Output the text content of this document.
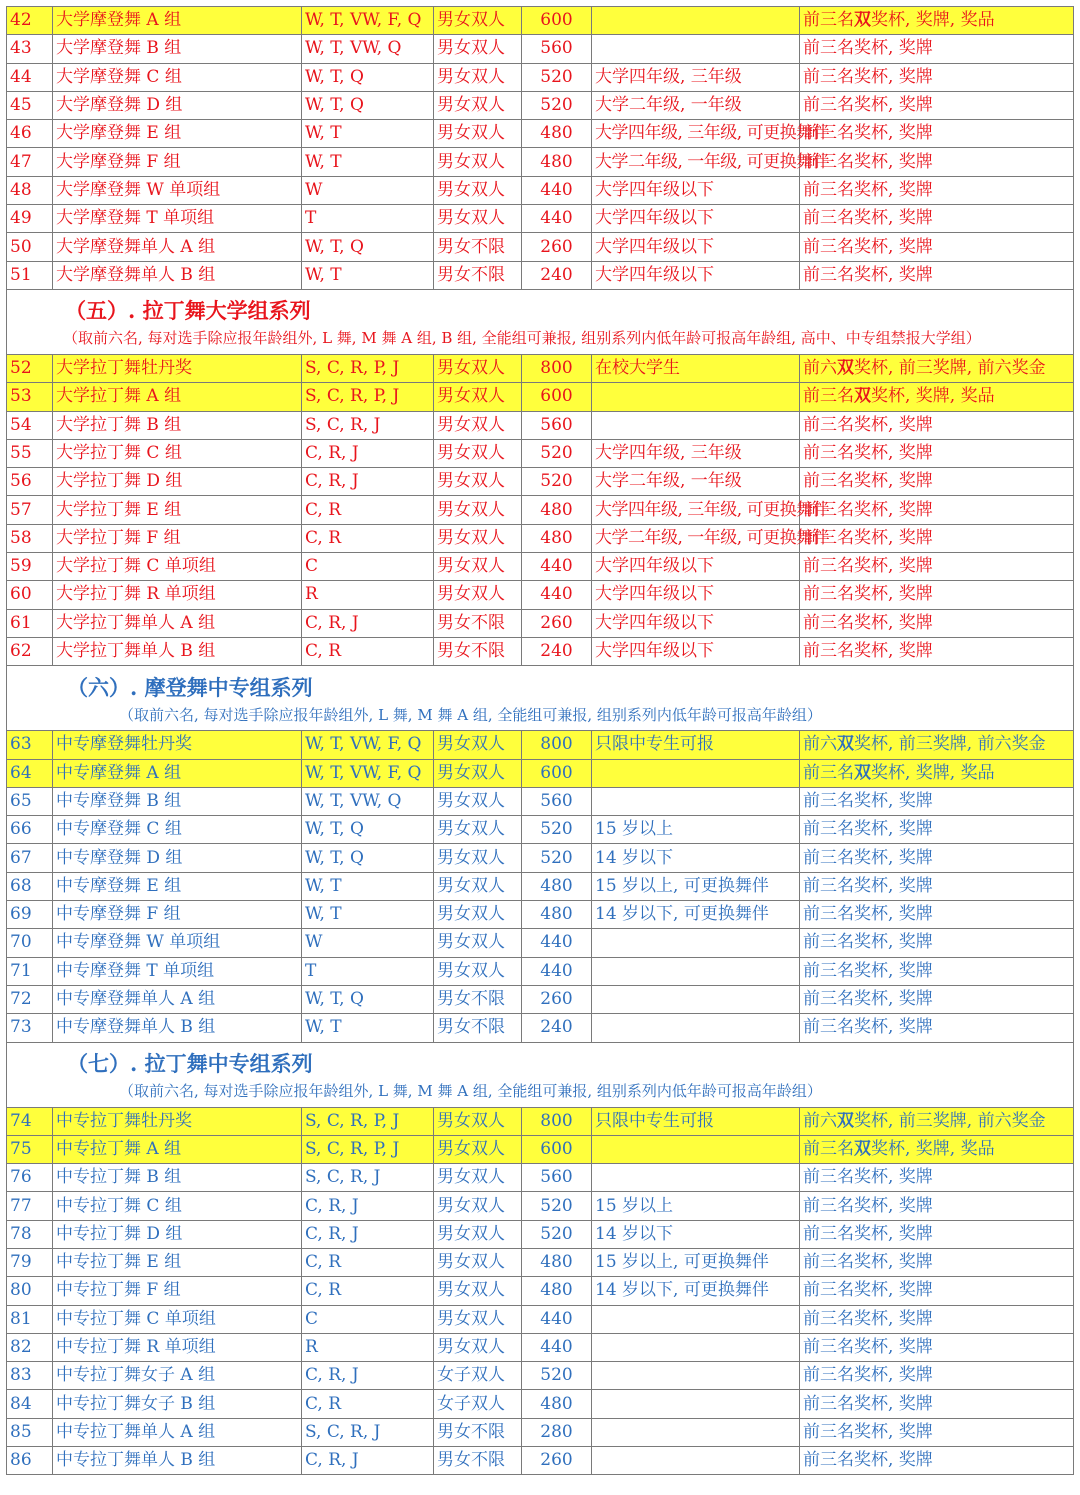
42	大学摩登舞 A 组	W, T, VW, F, Q	男女双人	600		前三名双奖杯, 奖牌, 奖品
43	大学摩登舞 B 组	W, T, VW, Q	男女双人	560		前三名奖杯, 奖牌
44	大学摩登舞 C 组	W, T, Q	男女双人	520	大学四年级, 三年级	前三名奖杯, 奖牌
45	大学摩登舞 D 组	W, T, Q	男女双人	520	大学二年级, 一年级	前三名奖杯, 奖牌
46	大学摩登舞 E 组	W, T	男女双人	480	大学四年级, 三年级, 可更换舞伴	前三名奖杯, 奖牌
47	大学摩登舞 F 组	W, T	男女双人	480	大学二年级, 一年级, 可更换舞伴	前三名奖杯, 奖牌
48	大学摩登舞 W 单项组	W	男女双人	440	大学四年级以下	前三名奖杯, 奖牌
49	大学摩登舞 T 单项组	T	男女双人	440	大学四年级以下	前三名奖杯, 奖牌
50	大学摩登舞单人 A 组	W, T, Q	男女不限	260	大学四年级以下	前三名奖杯, 奖牌
51	大学摩登舞单人 B 组	W, T	男女不限	240	大学四年级以下	前三名奖杯, 奖牌

（五）. 拉丁舞大学组系列
（取前六名, 每对选手除应报年龄组外, L 舞, M 舞 A 组, B 组, 全能组可兼报, 组别系列内低年龄可报高年龄组, 高中、中专组禁报大学组）						

52	大学拉丁舞牡丹奖	S, C, R, P, J	男女双人	800	在校大学生	前六双奖杯, 前三奖牌, 前六奖金
53	大学拉丁舞 A 组	S, C, R, P, J	男女双人	600		前三名双奖杯, 奖牌, 奖品
54	大学拉丁舞 B 组	S, C, R, J	男女双人	560		前三名奖杯, 奖牌
55	大学拉丁舞 C 组	C, R, J	男女双人	520	大学四年级, 三年级	前三名奖杯, 奖牌
56	大学拉丁舞 D 组	C, R, J	男女双人	520	大学二年级, 一年级	前三名奖杯, 奖牌
57	大学拉丁舞 E 组	C, R	男女双人	480	大学四年级, 三年级, 可更换舞伴	前三名奖杯, 奖牌
58	大学拉丁舞 F 组	C, R	男女双人	480	大学二年级, 一年级, 可更换舞伴	前三名奖杯, 奖牌
59	大学拉丁舞 C 单项组	C	男女双人	440	大学四年级以下	前三名奖杯, 奖牌
60	大学拉丁舞 R 单项组	R	男女双人	440	大学四年级以下	前三名奖杯, 奖牌
61	大学拉丁舞单人 A 组	C, R, J	男女不限	260	大学四年级以下	前三名奖杯, 奖牌
62	大学拉丁舞单人 B 组	C, R	男女不限	240	大学四年级以下	前三名奖杯, 奖牌

（六）. 摩登舞中专组系列
（取前六名, 每对选手除应报年龄组外, L 舞, M 舞 A 组, 全能组可兼报, 组别系列内低年龄可报高年龄组）						

63	中专摩登舞牡丹奖	W, T, VW, F, Q	男女双人	800	只限中专生可报	前六双奖杯, 前三奖牌, 前六奖金
64	中专摩登舞 A 组	W, T, VW, F, Q	男女双人	600		前三名双奖杯, 奖牌, 奖品
65	中专摩登舞 B 组	W, T, VW, Q	男女双人	560		前三名奖杯, 奖牌
66	中专摩登舞 C 组	W, T, Q	男女双人	520	15 岁以上	前三名奖杯, 奖牌
67	中专摩登舞 D 组	W, T, Q	男女双人	520	14 岁以下	前三名奖杯, 奖牌
68	中专摩登舞 E 组	W, T	男女双人	480	15 岁以上, 可更换舞伴	前三名奖杯, 奖牌
69	中专摩登舞 F 组	W, T	男女双人	480	14 岁以下, 可更换舞伴	前三名奖杯, 奖牌
70	中专摩登舞 W 单项组	W	男女双人	440		前三名奖杯, 奖牌
71	中专摩登舞 T 单项组	T	男女双人	440		前三名奖杯, 奖牌
72	中专摩登舞单人 A 组	W, T, Q	男女不限	260		前三名奖杯, 奖牌
73	中专摩登舞单人 B 组	W, T	男女不限	240		前三名奖杯, 奖牌

（七）. 拉丁舞中专组系列
（取前六名, 每对选手除应报年龄组外, L 舞, M 舞 A 组, 全能组可兼报, 组别系列内低年龄可报高年龄组）						

74	中专拉丁舞牡丹奖	S, C, R, P, J	男女双人	800	只限中专生可报	前六双奖杯, 前三奖牌, 前六奖金
75	中专拉丁舞 A 组	S, C, R, P, J	男女双人	600		前三名双奖杯, 奖牌, 奖品
76	中专拉丁舞 B 组	S, C, R, J	男女双人	560		前三名奖杯, 奖牌
77	中专拉丁舞 C 组	C, R, J	男女双人	520	15 岁以上	前三名奖杯, 奖牌
78	中专拉丁舞 D 组	C, R, J	男女双人	520	14 岁以下	前三名奖杯, 奖牌
79	中专拉丁舞 E 组	C, R	男女双人	480	15 岁以上, 可更换舞伴	前三名奖杯, 奖牌
80	中专拉丁舞 F 组	C, R	男女双人	480	14 岁以下, 可更换舞伴	前三名奖杯, 奖牌
81	中专拉丁舞 C 单项组	C	男女双人	440		前三名奖杯, 奖牌
82	中专拉丁舞 R 单项组	R	男女双人	440		前三名奖杯, 奖牌
83	中专拉丁舞女子 A 组	C, R, J	女子双人	520		前三名奖杯, 奖牌
84	中专拉丁舞女子 B 组	C, R	女子双人	480		前三名奖杯, 奖牌
85	中专拉丁舞单人 A 组	S, C, R, J	男女不限	280		前三名奖杯, 奖牌
86	中专拉丁舞单人 B 组	C, R, J	男女不限	260		前三名奖杯, 奖牌
